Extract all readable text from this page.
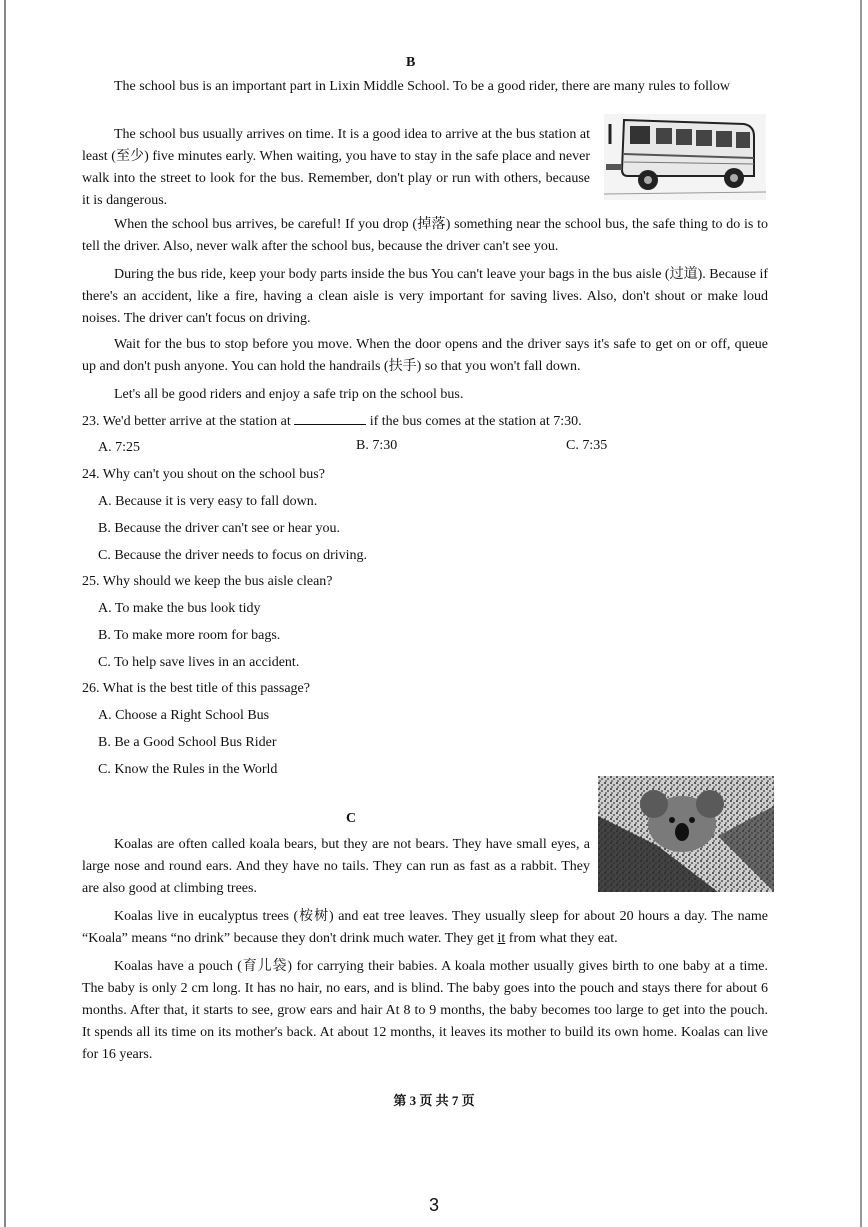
B
The school bus is an important part in Lixin Middle School. To be a good rider, there are many rules to follow
The school bus usually arrives on time. It is a good idea to arrive at the bus station at least (至少) five minutes early. When waiting, you have to stay in the safe place and never walk into the street to look for the bus. Remember, don't play or run with others, because it is dangerous.
When the school bus arrives, be careful! If you drop (掉落) something near the school bus, the safe thing to do is to tell the driver. Also, never walk after the school bus, because the driver can't see you.
During the bus ride, keep your body parts inside the bus You can't leave your bags in the bus aisle (过道). Because if there's an accident, like a fire, having a clean aisle is very important for saving lives. Also, don't shout or make loud noises. The driver can't focus on driving.
Wait for the bus to stop before you move. When the door opens and the driver says it's safe to get on or off, queue up and don't push anyone. You can hold the handrails (扶手) so that you won't fall down.
Let's all be good riders and enjoy a safe trip on the school bus.
23. We'd better arrive at the station at	if the bus comes at the station at 7:30.
A. 7:25	B. 7:30	C. 7:35
24. Why can't you shout on the school bus?
A. Because it is very easy to fall down.
B. Because the driver can't see or hear you.
C. Because the driver needs to focus on driving.
25. Why should we keep the bus aisle clean?
A. To make the bus look tidy
B. To make more room for bags.
C. To help save lives in an accident.
26. What is the best title of this passage?
A. Choose a Right School Bus
B. Be a Good School Bus Rider
C. Know the Rules in the World
C
Koalas are often called koala bears, but they are not bears. They have small eyes, a large nose and round ears. And they have no tails. They can run as fast as a rabbit. They are also good at climbing trees.
Koalas live in eucalyptus trees (桉树) and eat tree leaves. They usually sleep for about 20 hours a day. The name “Koala” means “no drink” because they don't drink much water. They get it from what they eat.
Koalas have a pouch (育儿袋) for carrying their babies. A koala mother usually gives birth to one baby at a time. The baby is only 2 cm long. It has no hair, no ears, and is blind. The baby goes into the pouch and stays there for about 6 months. After that, it starts to see, grow ears and hair At 8 to 9 months, the baby becomes too large to get into the pouch. It spends all its time on its mother's back. At about 12 months, it leaves its mother to build its own home. Koalas can live for 16 years.
第 3 页 共 7 页
3
